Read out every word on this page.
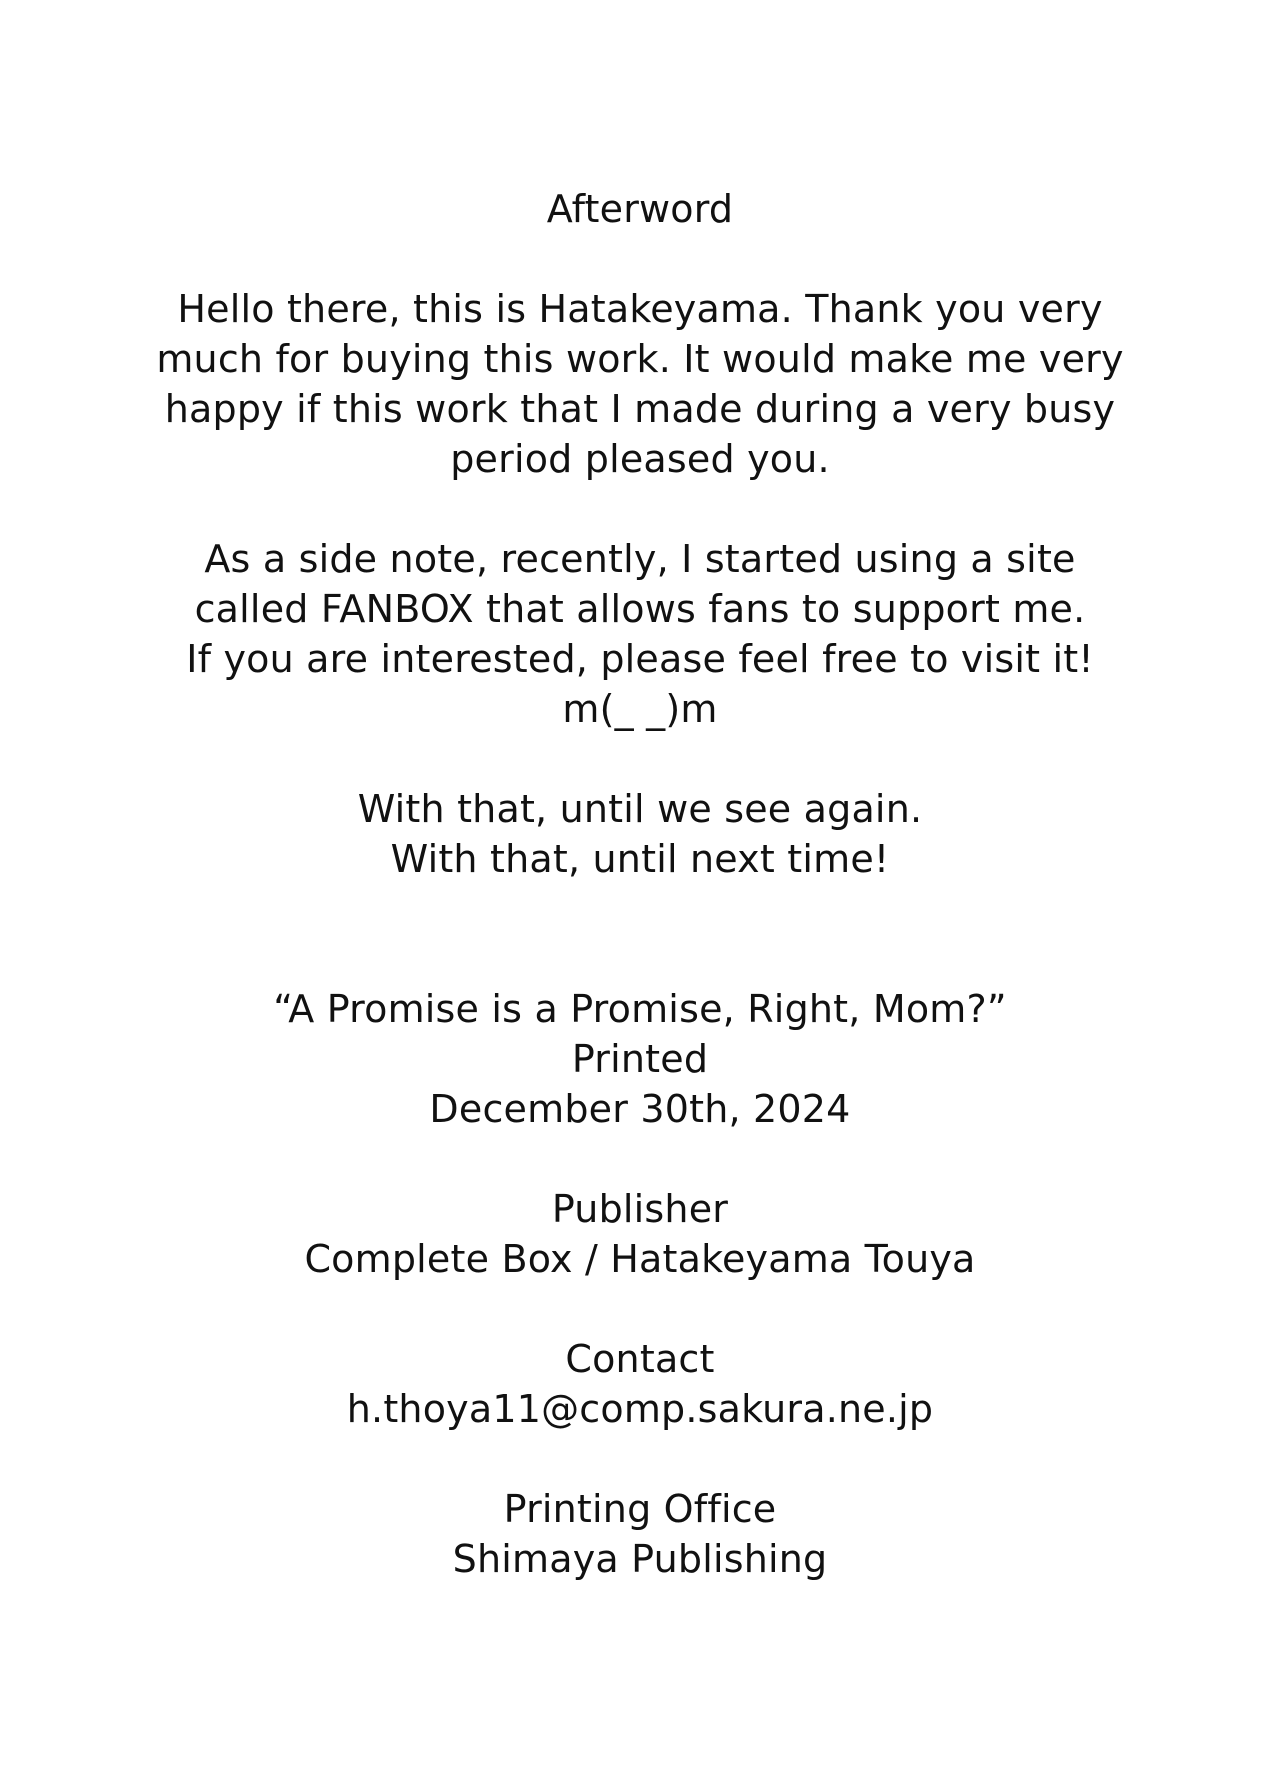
Afterword
Hello there, this is Hatakeyama. Thank you very
much for buying this work. It would make me very
happy if this work that I made during a very busy
period pleased you.
As a side note, recently, I started using a site
called FANBOX that allows fans to support me.
If you are interested, please feel free to visit it!
m(_ _)m
With that, until we see again.
With that, until next time!
“A Promise is a Promise, Right, Mom?”
Printed
December 30th, 2024
Publisher
Complete Box / Hatakeyama Touya
Contact
h.thoya11@comp.sakura.ne.jp
Printing Office
Shimaya Publishing
